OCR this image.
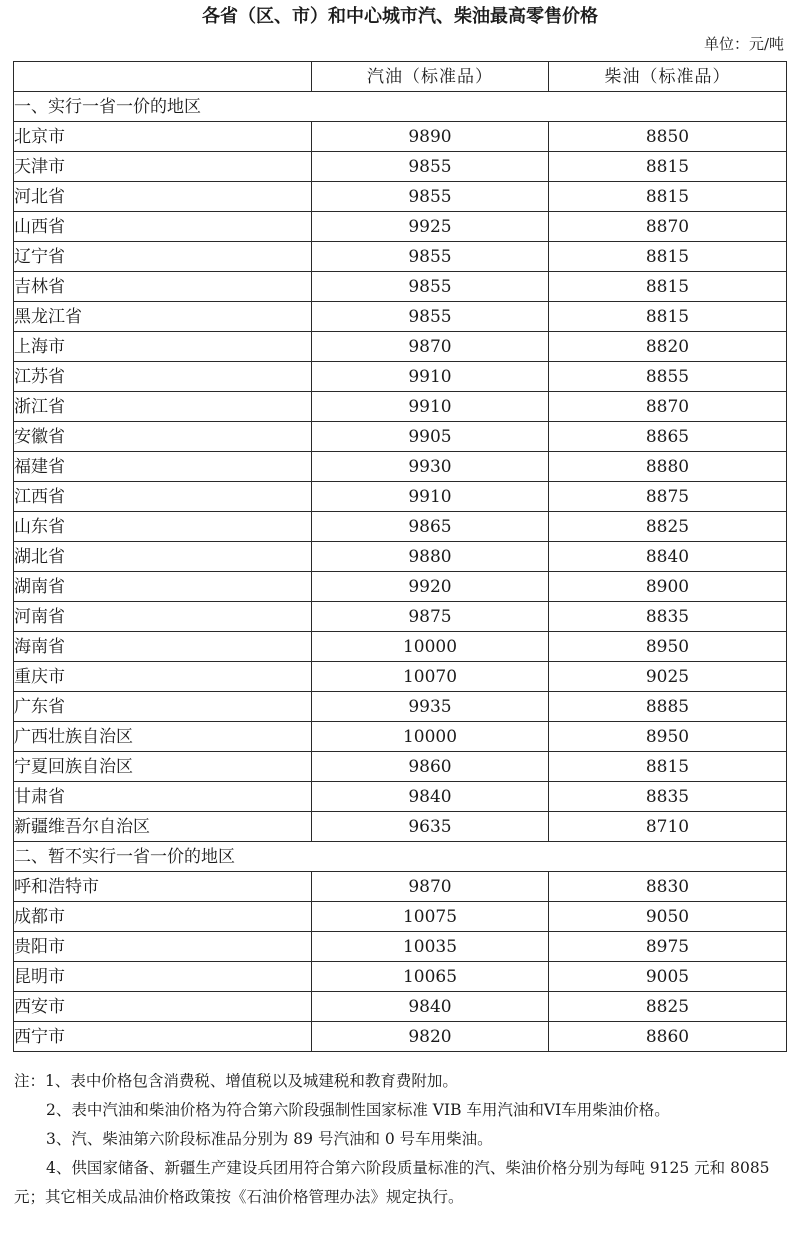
各省（区、市）和中心城市汽、柴油最高零售价格
单位：元/吨
	汽油（标准品）	柴油（标准品）
一、实行一省一价的地区		
北京市	9890	8850
天津市	9855	8815
河北省	9855	8815
山西省	9925	8870
辽宁省	9855	8815
吉林省	9855	8815
黑龙江省	9855	8815
上海市	9870	8820
江苏省	9910	8855
浙江省	9910	8870
安徽省	9905	8865
福建省	9930	8880
江西省	9910	8875
山东省	9865	8825
湖北省	9880	8840
湖南省	9920	8900
河南省	9875	8835
海南省	10000	8950
重庆市	10070	9025
广东省	9935	8885
广西壮族自治区	10000	8950
宁夏回族自治区	9860	8815
甘肃省	9840	8835
新疆维吾尔自治区	9635	8710
二、暂不实行一省一价的地区		
呼和浩特市	9870	8830
成都市	10075	9050
贵阳市	10035	8975
昆明市	10065	9005
西安市	9840	8825
西宁市	9820	8860

注：1、表中价格包含消费税、增值税以及城建税和教育费附加。

2、表中汽油和柴油价格为符合第六阶段强制性国家标准 VIB 车用汽油和VI车用柴油价格。

3、汽、柴油第六阶段标准品分别为 89 号汽油和 0 号车用柴油。

4、供国家储备、新疆生产建设兵团用符合第六阶段质量标准的汽、柴油价格分别为每吨 9125 元和 8085 元；其它相关成品油价格政策按《石油价格管理办法》规定执行。
